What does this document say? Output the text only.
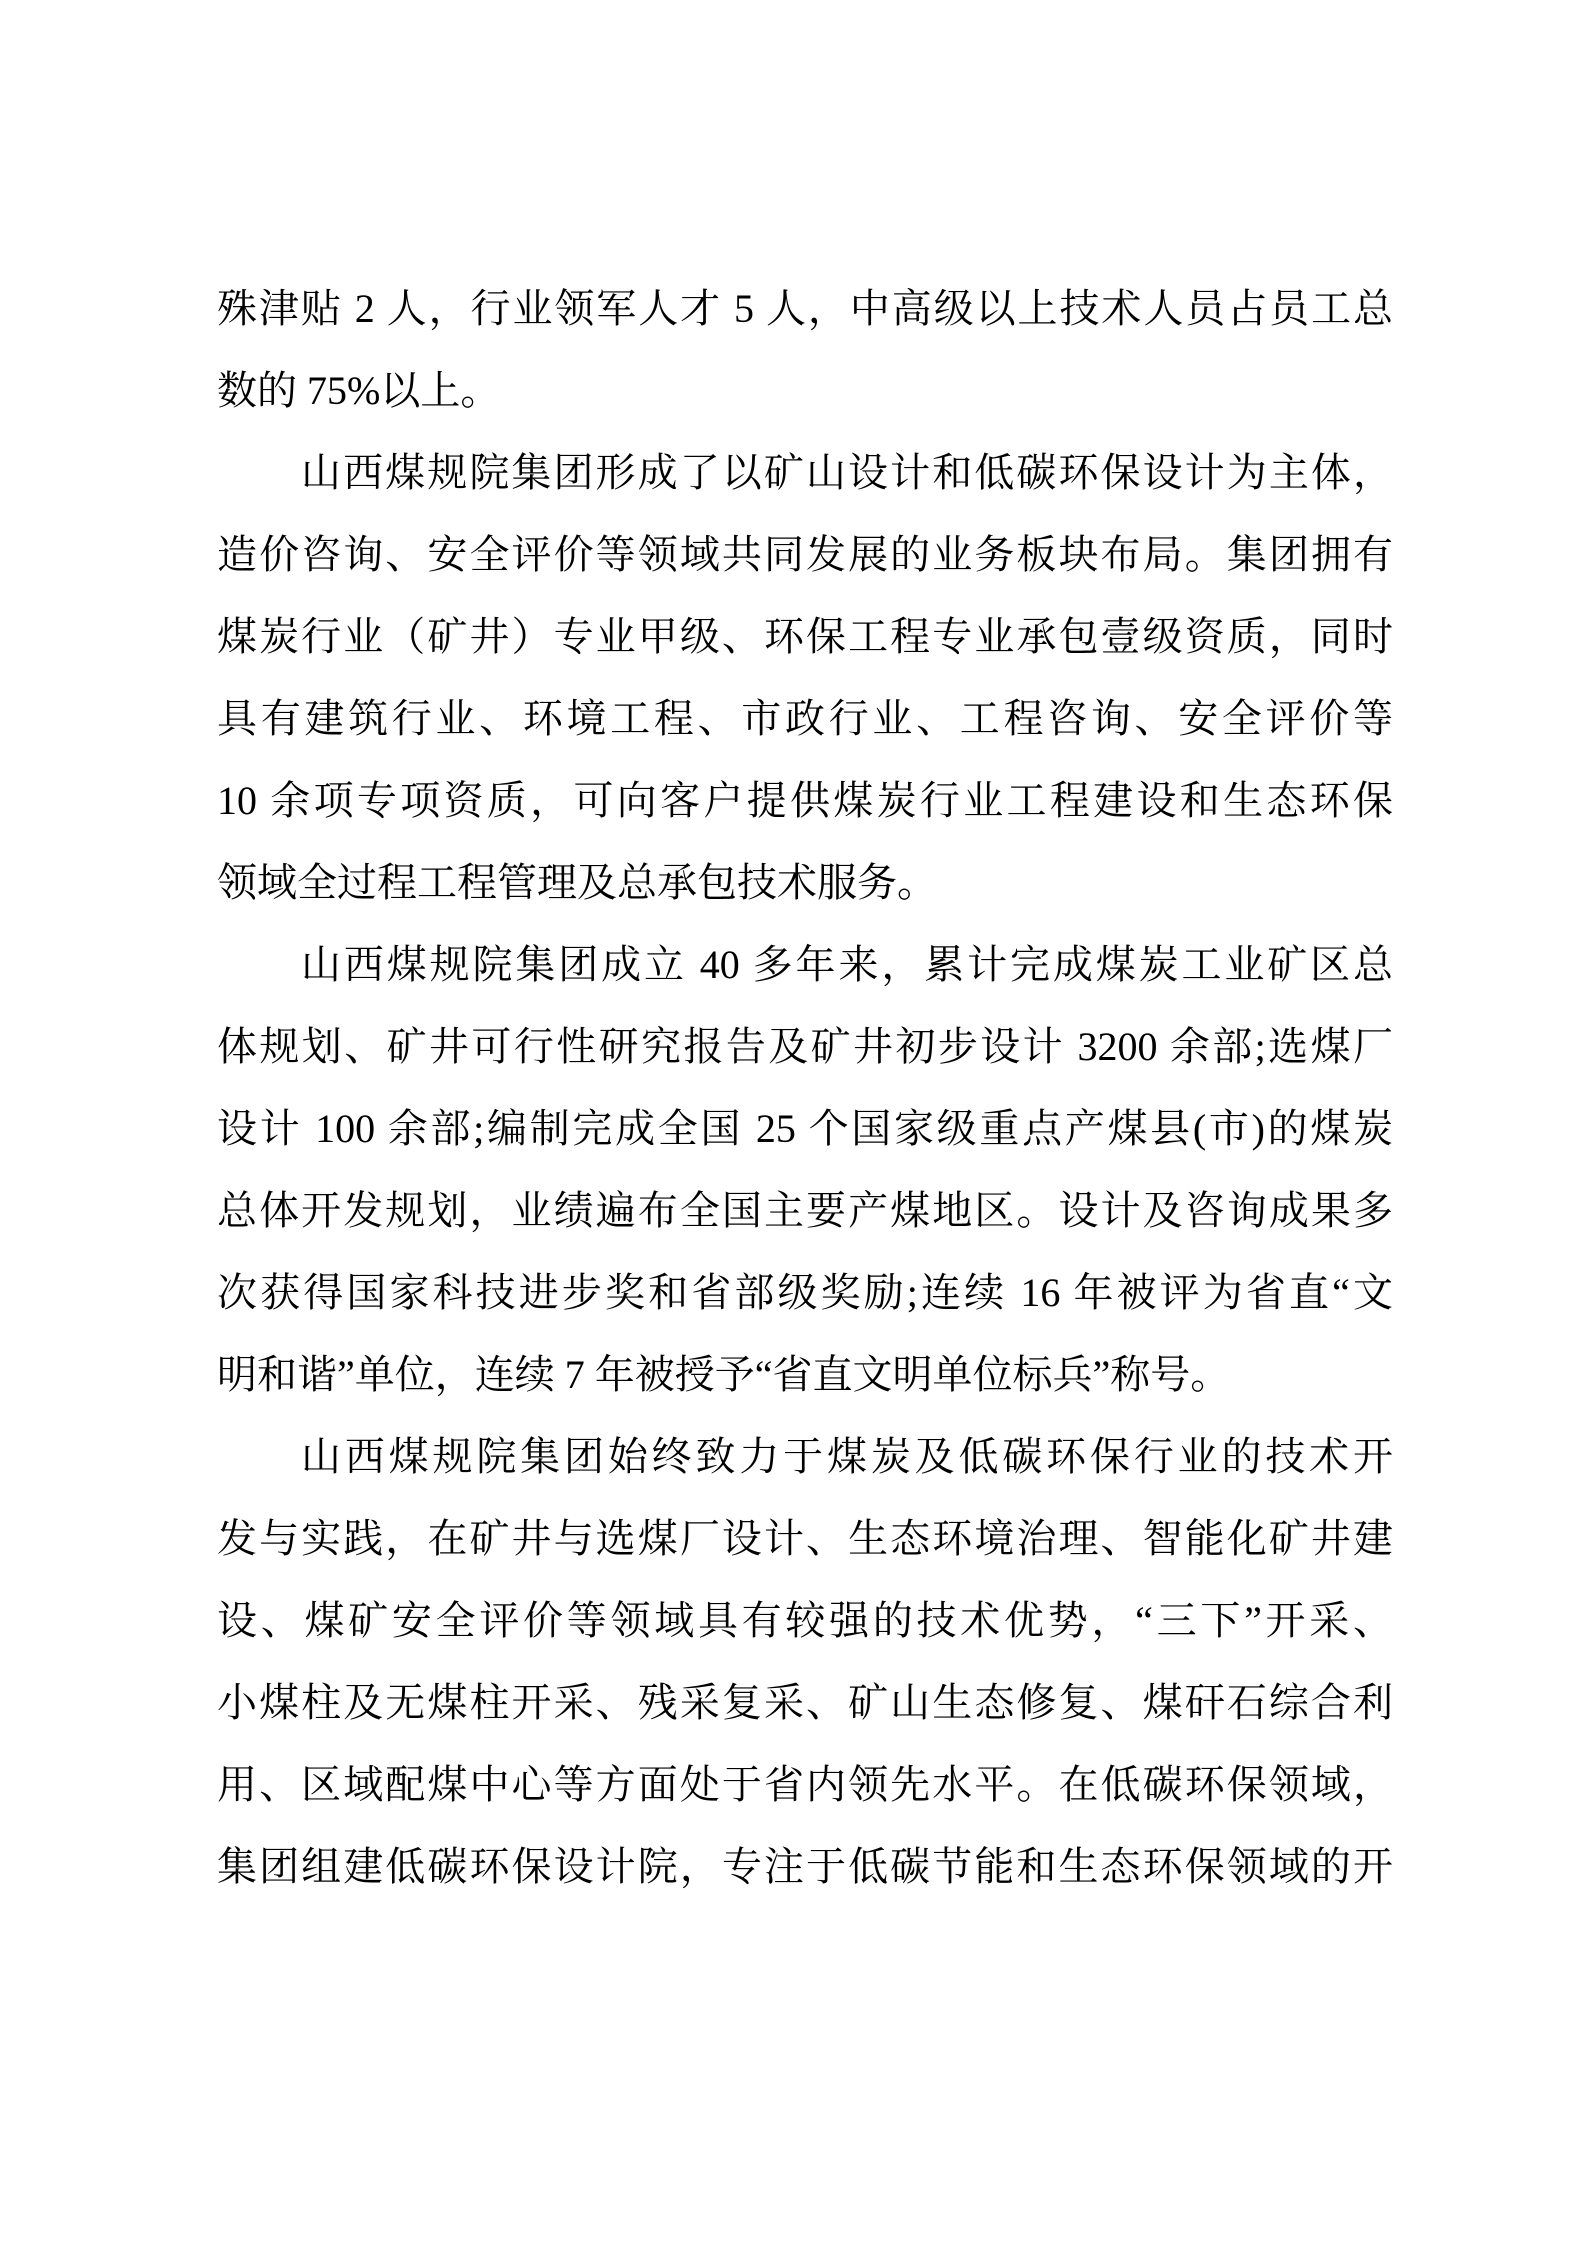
殊津贴 2 人，行业领军人才 5 人，中高级以上技术人员占员工总
数的 75%以上。
山西煤规院集团形成了以矿山设计和低碳环保设计为主体，
造价咨询、安全评价等领域共同发展的业务板块布局。集团拥有
煤炭行业（矿井）专业甲级、环保工程专业承包壹级资质，同时
具有建筑行业、环境工程、市政行业、工程咨询、安全评价等
10 余项专项资质，可向客户提供煤炭行业工程建设和生态环保
领域全过程工程管理及总承包技术服务。
山西煤规院集团成立 40 多年来，累计完成煤炭工业矿区总
体规划、矿井可行性研究报告及矿井初步设计 3200 余部;选煤厂
设计 100 余部;编制完成全国 25 个国家级重点产煤县(市)的煤炭
总体开发规划，业绩遍布全国主要产煤地区。设计及咨询成果多
次获得国家科技进步奖和省部级奖励;连续 16 年被评为省直“文
明和谐”单位，连续 7 年被授予“省直文明单位标兵”称号。
山西煤规院集团始终致力于煤炭及低碳环保行业的技术开
发与实践，在矿井与选煤厂设计、生态环境治理、智能化矿井建
设、煤矿安全评价等领域具有较强的技术优势，“三下”开采、
小煤柱及无煤柱开采、残采复采、矿山生态修复、煤矸石综合利
用、区域配煤中心等方面处于省内领先水平。在低碳环保领域，
集团组建低碳环保设计院，专注于低碳节能和生态环保领域的开
